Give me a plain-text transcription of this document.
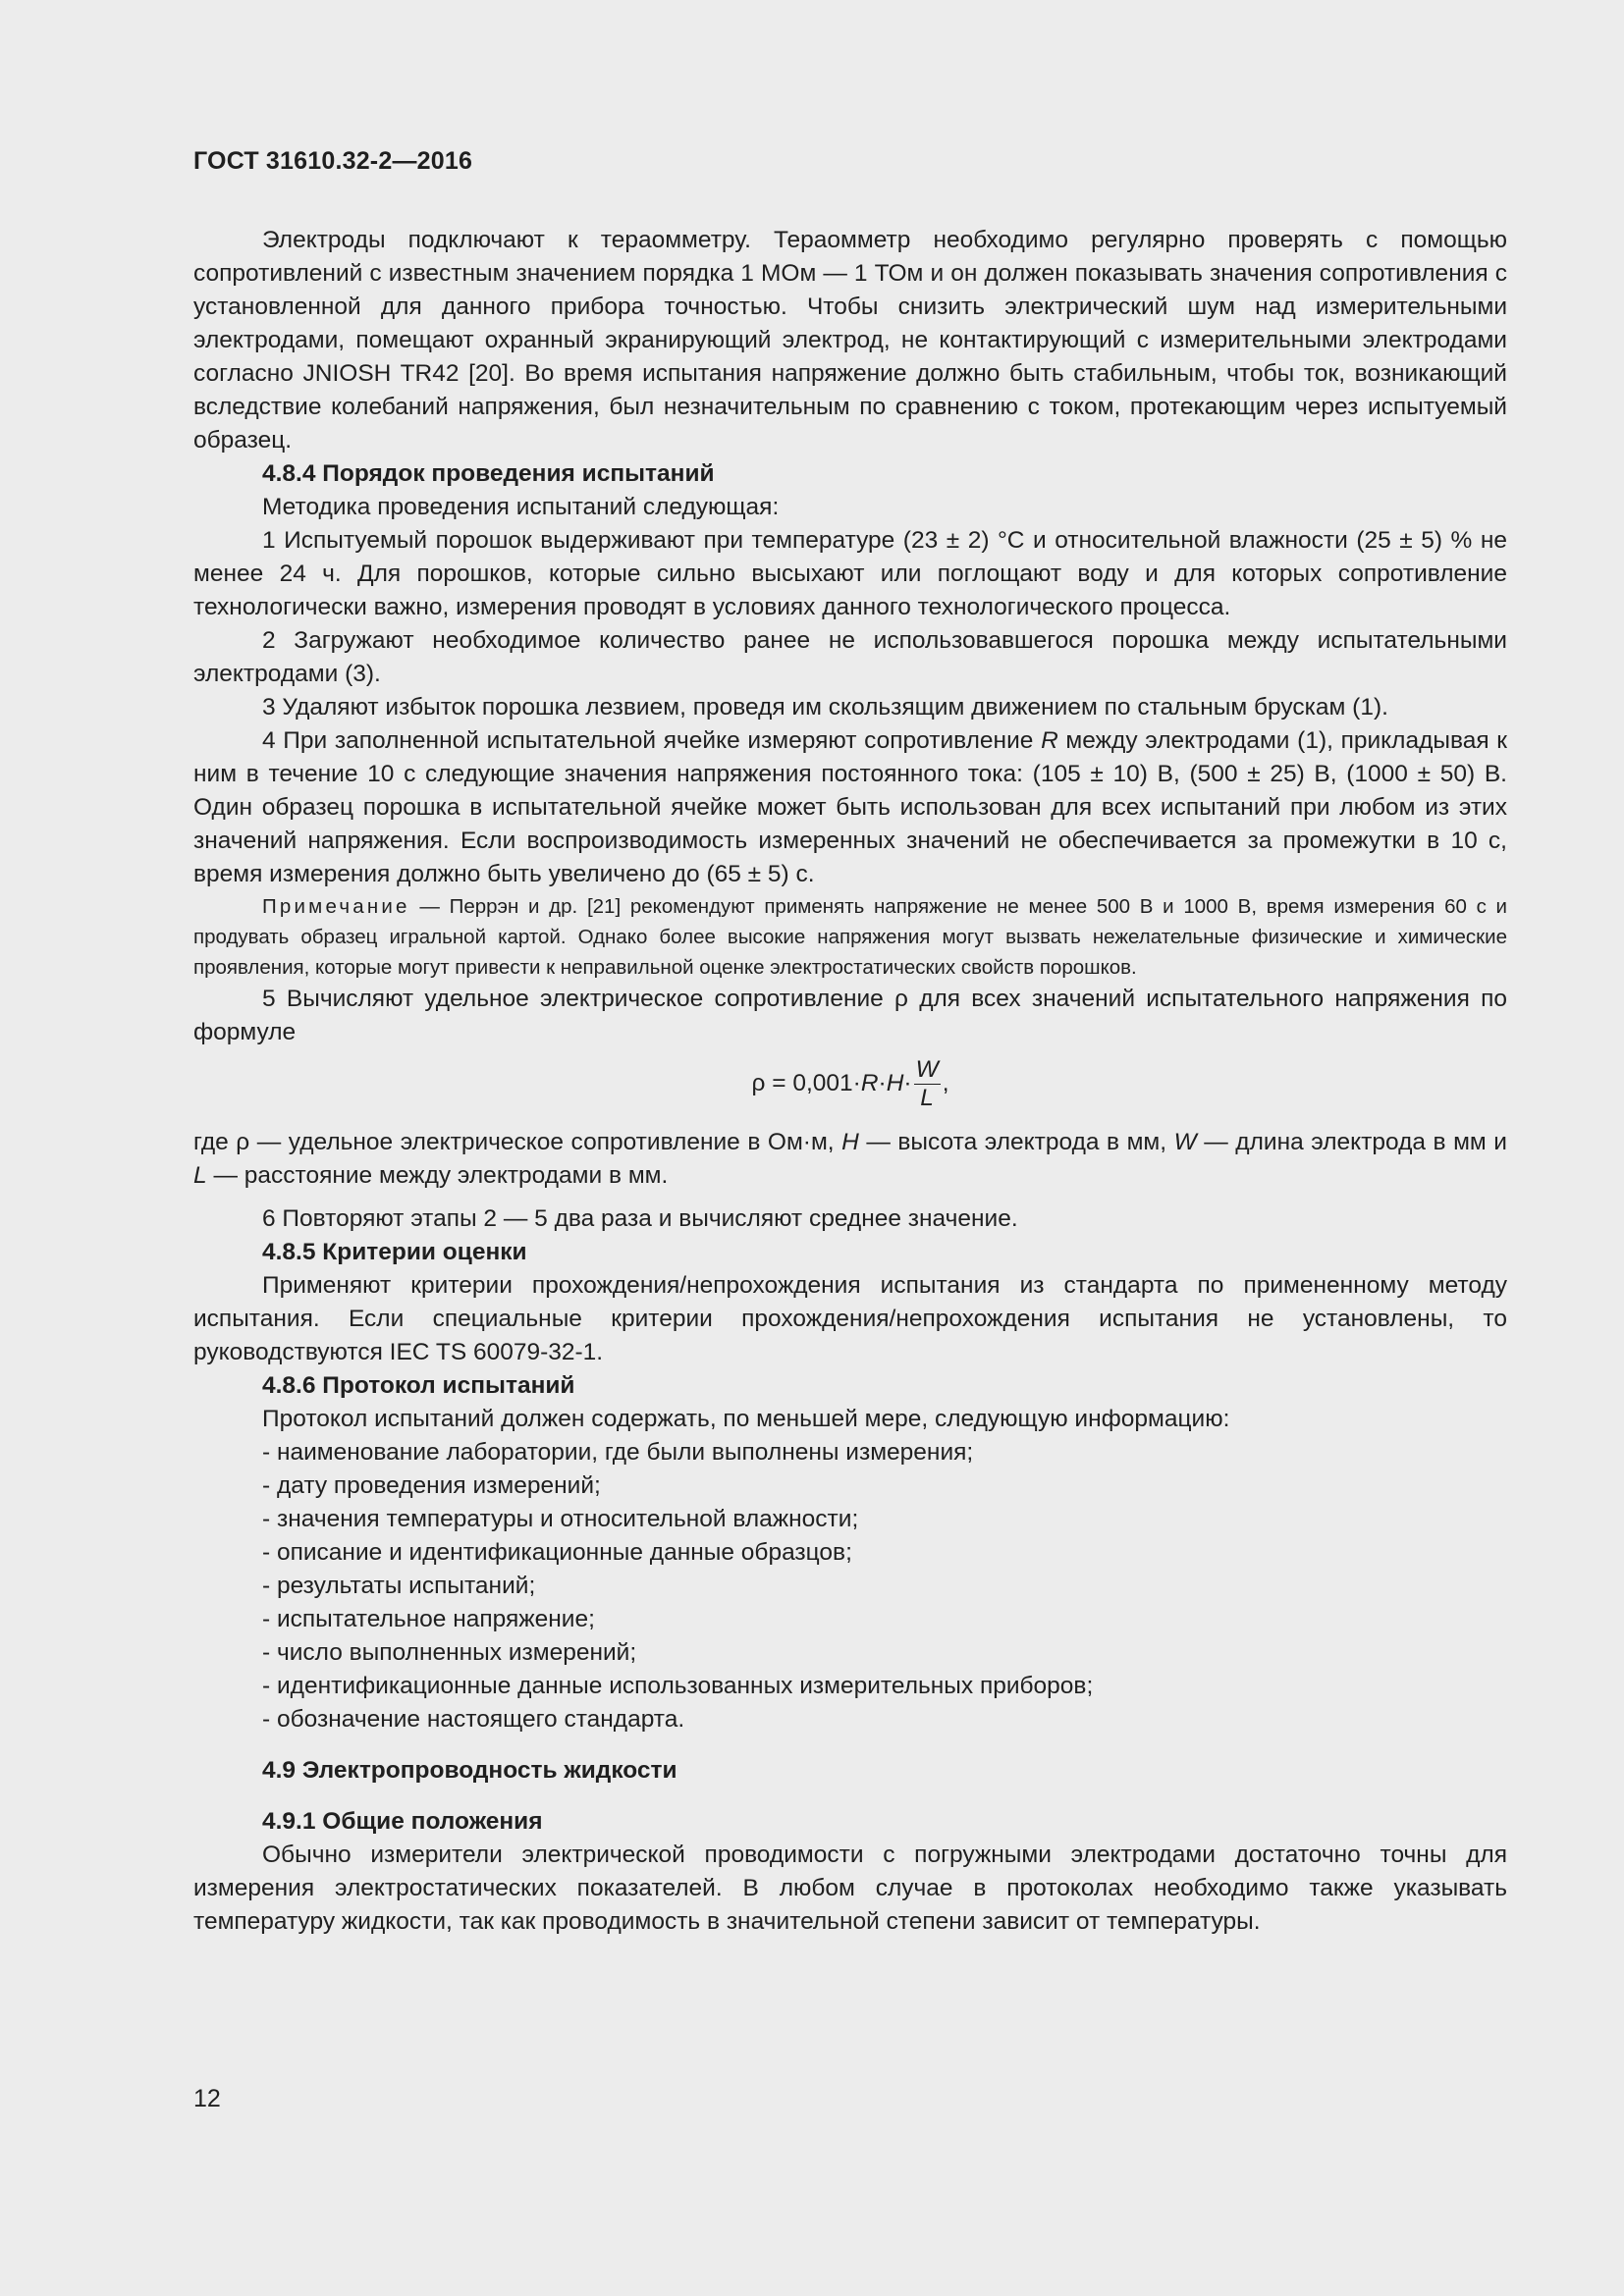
ГОСТ 31610.32-2—2016

Электроды подключают к тераомметру. Тераомметр необходимо регулярно проверять с помощью сопротивлений с известным значением порядка 1 МОм — 1 ТОм и он должен показывать значения сопротивления с установленной для данного прибора точностью. Чтобы снизить электрический шум над измерительными электродами, помещают охранный экранирующий электрод, не контактирующий с измерительными электродами согласно JNIOSH TR42 [20]. Во время испытания напряжение должно быть стабильным, чтобы ток, возникающий вследствие колебаний напряжения, был незначительным по сравнению с током, протекающим через испытуемый образец.

4.8.4 Порядок проведения испытаний

Методика проведения испытаний следующая:

1 Испытуемый порошок выдерживают при температуре (23 ± 2) °С и относительной влажности (25 ± 5) % не менее 24 ч. Для порошков, которые сильно высыхают или поглощают воду и для которых сопротивление технологически важно, измерения проводят в условиях данного технологического процесса.

2 Загружают необходимое количество ранее не использовавшегося порошка между испытательными электродами (3).

3 Удаляют избыток порошка лезвием, проведя им скользящим движением по стальным брускам (1).

4 При заполненной испытательной ячейке измеряют сопротивление R между электродами (1), прикладывая к ним в течение 10 с следующие значения напряжения постоянного тока: (105 ± 10) В, (500 ± 25) В, (1000 ± 50) В. Один образец порошка в испытательной ячейке может быть использован для всех испытаний при любом из этих значений напряжения. Если воспроизводимость измеренных значений не обеспечивается за промежутки в 10 с, время измерения должно быть увеличено до (65 ± 5) с.

Примечание — Перрэн и др. [21] рекомендуют применять напряжение не менее 500 В и 1000 В, время измерения 60 с и продувать образец игральной картой. Однако более высокие напряжения могут вызвать нежелательные физические и химические проявления, которые могут привести к неправильной оценке электростатических свойств порошков.

5 Вычисляют удельное электрическое сопротивление ρ для всех значений испытательного напряжения по формуле

$\rho = 0,001\cdot R \cdot H \cdot \frac{W}{L}$ ,

где ρ — удельное электрическое сопротивление в Ом·м, H — высота электрода в мм, W — длина электрода в мм и L — расстояние между электродами в мм.

6 Повторяют этапы 2 — 5 два раза и вычисляют среднее значение.

4.8.5 Критерии оценки

Применяют критерии прохождения/непрохождения испытания из стандарта по примененному методу испытания. Если специальные критерии прохождения/непрохождения испытания не установлены, то руководствуются IEC TS 60079-32-1.

4.8.6 Протокол испытаний

Протокол испытаний должен содержать, по меньшей мере, следующую информацию:

- наименование лаборатории, где были выполнены измерения;

- дату проведения измерений;

- значения температуры и относительной влажности;

- описание и идентификационные данные образцов;

- результаты испытаний;

- испытательное напряжение;

- число выполненных измерений;

- идентификационные данные использованных измерительных приборов;

- обозначение настоящего стандарта.

4.9 Электропроводность жидкости

4.9.1 Общие положения

Обычно измерители электрической проводимости с погружными электродами достаточно точны для измерения электростатических показателей. В любом случае в протоколах необходимо также указывать температуру жидкости, так как проводимость в значительной степени зависит от температуры.

12
